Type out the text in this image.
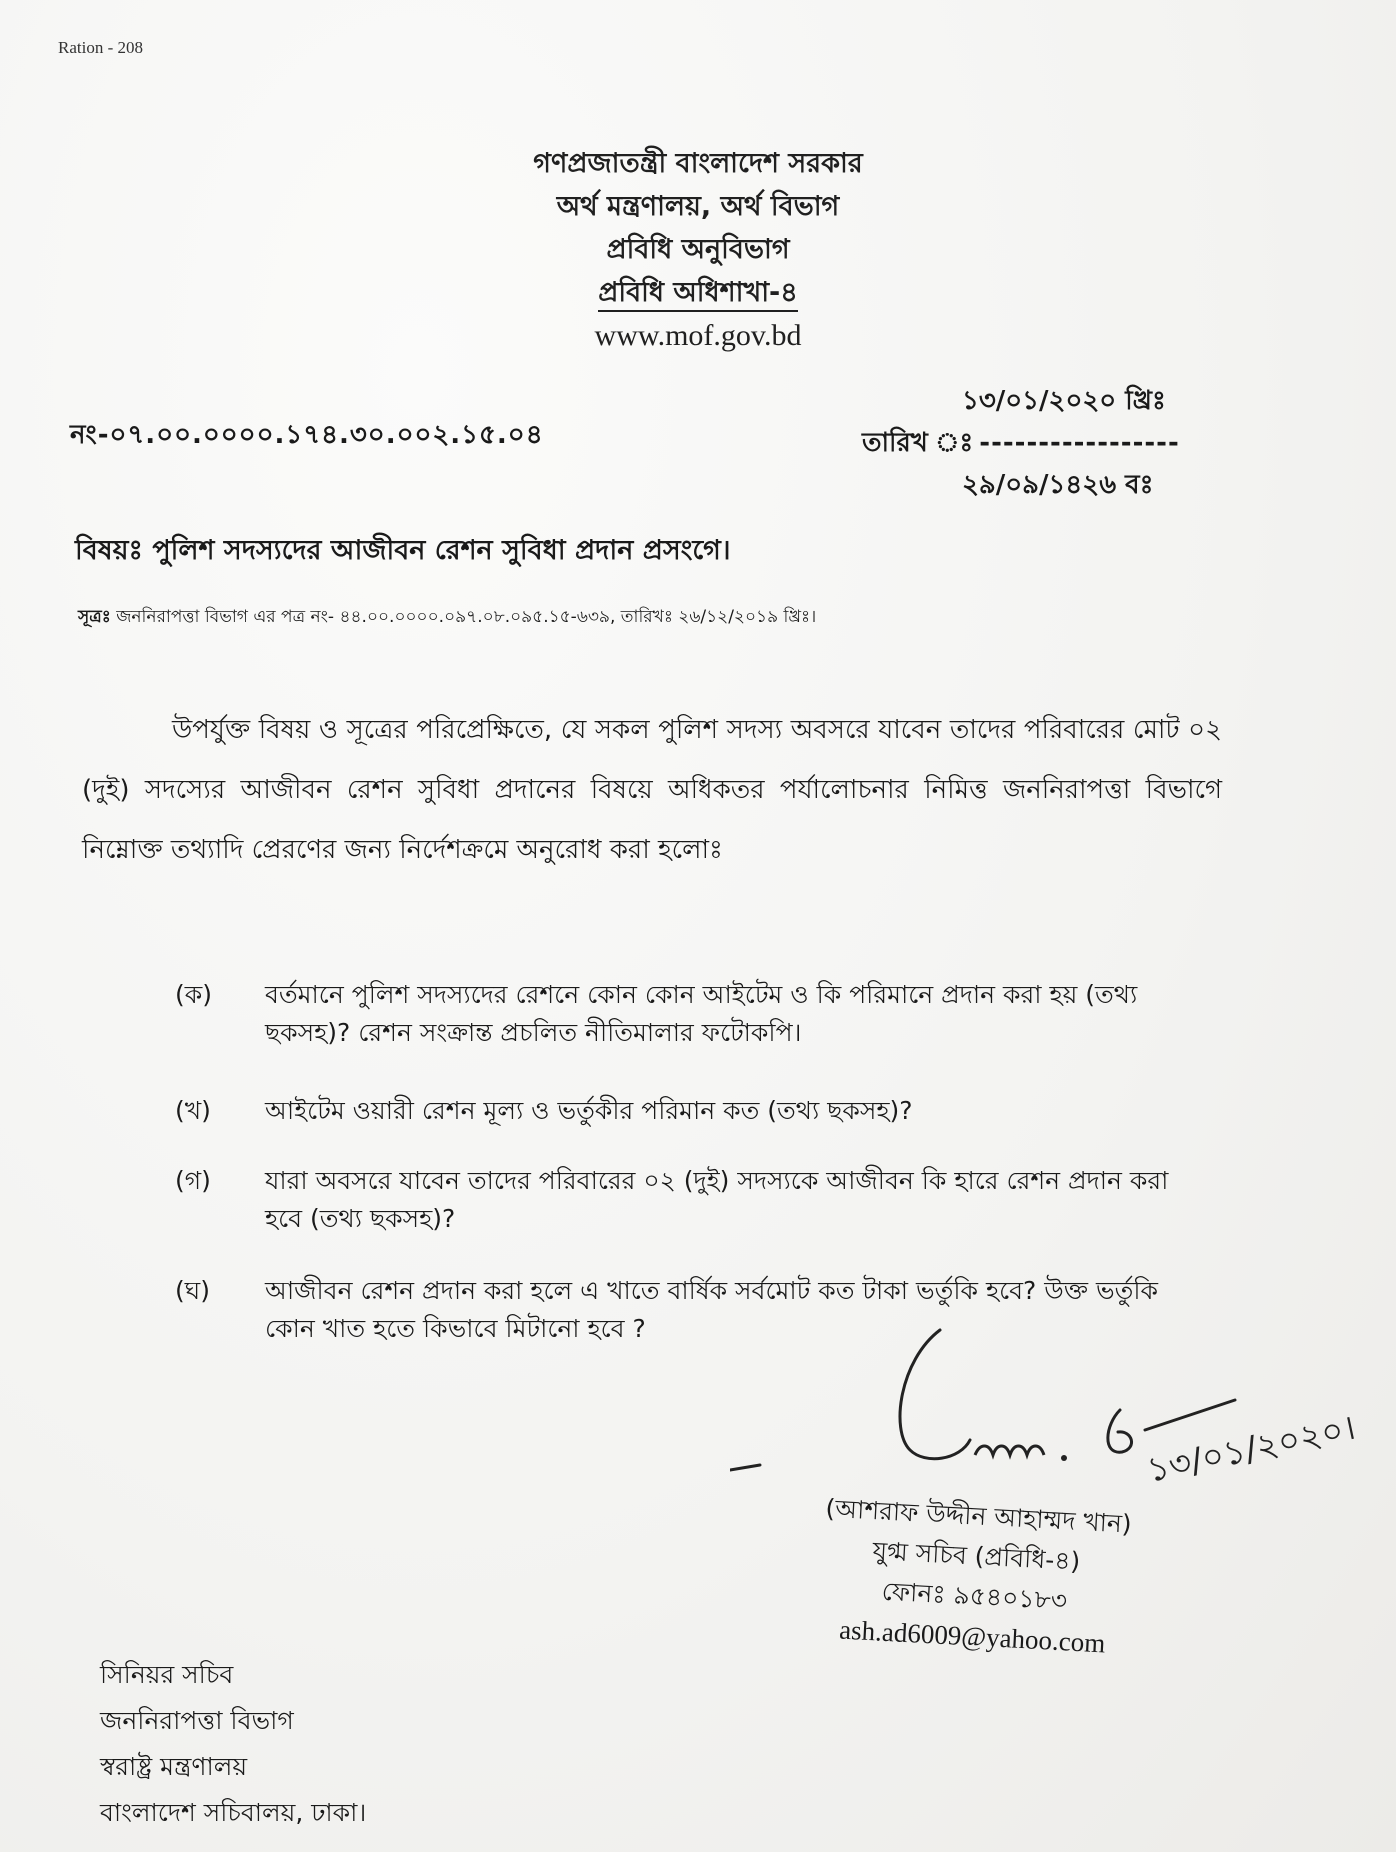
Ration - 208
গণপ্রজাতন্ত্রী বাংলাদেশ সরকার
অর্থ মন্ত্রণালয়, অর্থ বিভাগ
প্রবিধি অনুবিভাগ
প্রবিধি অধিশাখা-৪
www.mof.gov.bd
নং-০৭.০০.০০০০.১৭৪.৩০.০০২.১৫.০৪
১৩/০১/২০২০ খ্রিঃ
তারিখ ঃ -----------------
২৯/০৯/১৪২৬ বঃ
বিষয়ঃ পুলিশ সদস্যদের আজীবন রেশন সুবিধা প্রদান প্রসংগে।
সূত্রঃ জননিরাপত্তা বিভাগ এর পত্র নং- ৪৪.০০.০০০০.০৯৭.০৮.০৯৫.১৫-৬৩৯, তারিখঃ ২৬/১২/২০১৯ খ্রিঃ।
উপর্যুক্ত বিষয় ও সূত্রের পরিপ্রেক্ষিতে, যে সকল পুলিশ সদস্য অবসরে যাবেন তাদের পরিবারের মোট ০২ (দুই) সদস্যের আজীবন রেশন সুবিধা প্রদানের বিষয়ে অধিকতর পর্যালোচনার নিমিত্ত জননিরাপত্তা বিভাগে নিম্নোক্ত তথ্যাদি প্রেরণের জন্য নির্দেশক্রমে অনুরোধ করা হলোঃ
(ক) বর্তমানে পুলিশ সদস্যদের রেশনে কোন কোন আইটেম ও কি পরিমানে প্রদান করা হয় (তথ্য ছকসহ)? রেশন সংক্রান্ত প্রচলিত নীতিমালার ফটোকপি।
(খ) আইটেম ওয়ারী রেশন মূল্য ও ভর্তুকীর পরিমান কত (তথ্য ছকসহ)?
(গ) যারা অবসরে যাবেন তাদের পরিবারের ০২ (দুই) সদস্যকে আজীবন কি হারে রেশন প্রদান করা হবে (তথ্য ছকসহ)?
(ঘ) আজীবন রেশন প্রদান করা হলে এ খাতে বার্ষিক সর্বমোট কত টাকা ভর্তুকি হবে? উক্ত ভর্তুকি কোন খাত হতে কিভাবে মিটানো হবে ?
১৩/০১/২০২০।
(আশরাফ উদ্দীন আহাম্মদ খান)
যুগ্ম সচিব (প্রবিধি-৪)
ফোনঃ ৯৫৪০১৮৩
ash.ad6009@yahoo.com
সিনিয়র সচিব
জননিরাপত্তা বিভাগ
স্বরাষ্ট্র মন্ত্রণালয়
বাংলাদেশ সচিবালয়, ঢাকা।
